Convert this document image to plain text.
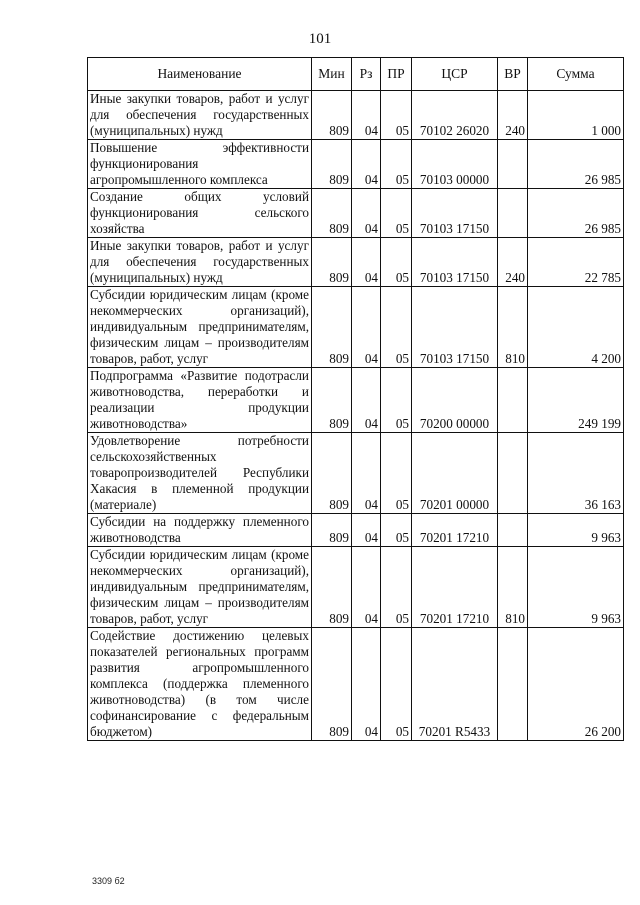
101
Наименование	Мин	Рз	ПР	ЦСР	ВР	Сумма
Иные закупки товаров, работ и услуг для обеспечения государственных (муниципальных) нужд	809	04	05	70102 26020	240	1 000
Повышение эффективности функционирования агропромышленного комплекса	809	04	05	70103 00000		26 985
Создание общих условий функционирования сельского хозяйства	809	04	05	70103 17150		26 985
Иные закупки товаров, работ и услуг для обеспечения государственных (муниципальных) нужд	809	04	05	70103 17150	240	22 785
Субсидии юридическим лицам (кроме некоммерческих организаций), индивидуальным предпринимателям, физическим лицам – производителям товаров, работ, услуг	809	04	05	70103 17150	810	4 200
Подпрограмма «Развитие подотрасли животноводства, переработки и реализации продукции животноводства»	809	04	05	70200 00000		249 199
Удовлетворение потребности сельскохозяйственных товаропроизводителей Республики Хакасия в племенной продукции (материале)	809	04	05	70201 00000		36 163
Субсидии на поддержку племенного животноводства	809	04	05	70201 17210		9 963
Субсидии юридическим лицам (кроме некоммерческих организаций), индивидуальным предпринимателям, физическим лицам – производителям товаров, работ, услуг	809	04	05	70201 17210	810	9 963
Содействие достижению целевых показателей региональных программ развития агропромышленного комплекса (поддержка племенного животноводства) (в том числе софинансирование с федеральным бюджетом)	809	04	05	70201 R5433		26 200
3309 б2
